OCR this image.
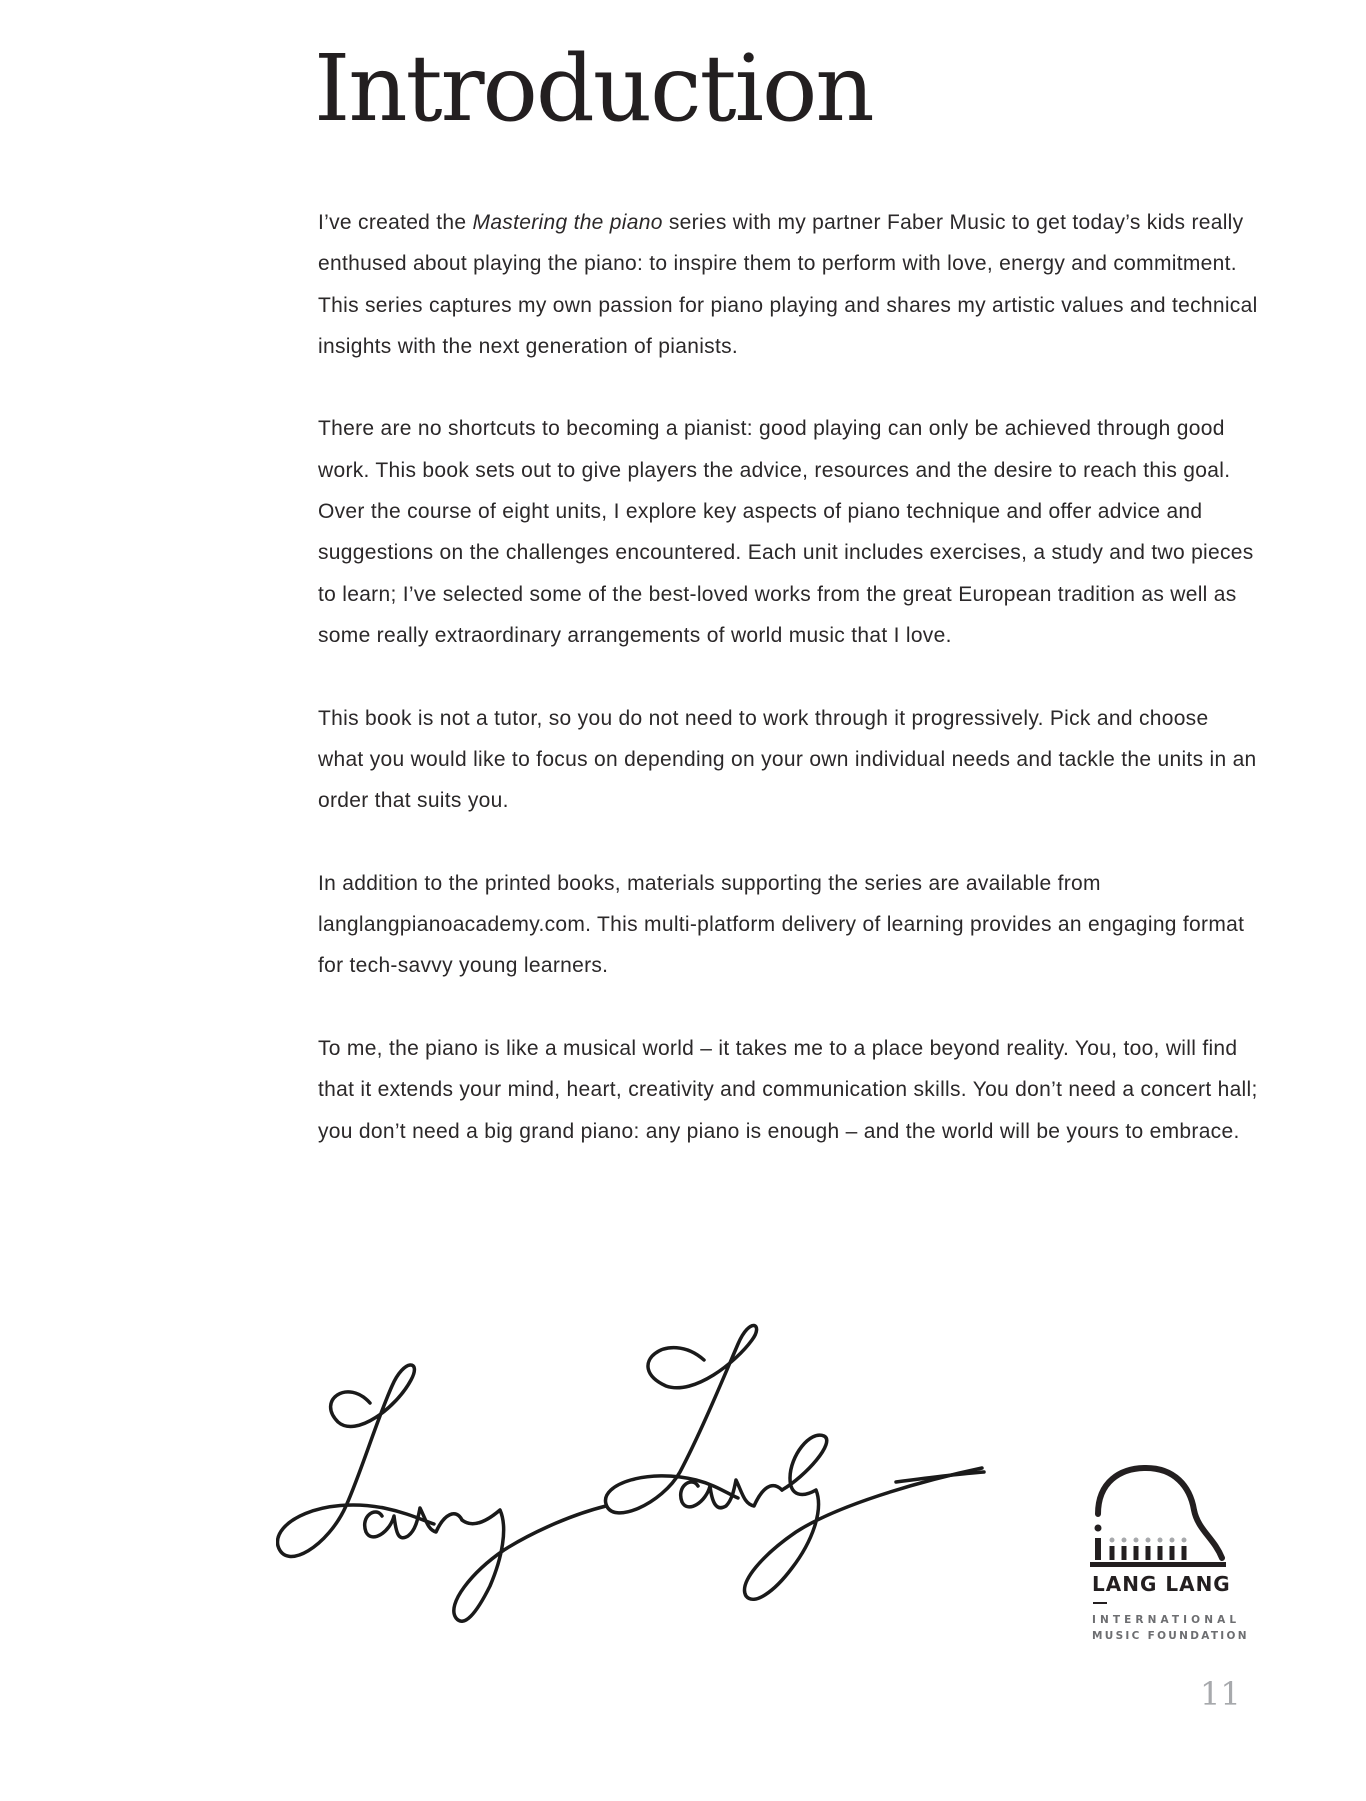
Introduction

I’ve created the Mastering the piano series with my partner Faber Music to get today’s kids really enthused about playing the piano: to inspire them to perform with love, energy and commitment. This series captures my own passion for piano playing and shares my artistic values and technical insights with the next generation of pianists.

There are no shortcuts to becoming a pianist: good playing can only be achieved through good work. This book sets out to give players the advice, resources and the desire to reach this goal. Over the course of eight units, I explore key aspects of piano technique and offer advice and suggestions on the challenges encountered. Each unit includes exercises, a study and two pieces to learn; I’ve selected some of the best-loved works from the great European tradition as well as some really extraordinary arrangements of world music that I love.

This book is not a tutor, so you do not need to work through it progressively. Pick and choose what you would like to focus on depending on your own individual needs and tackle the units in an order that suits you.

In addition to the printed books, materials supporting the series are available from langlangpianoacademy.com. This multi-platform delivery of learning provides an engaging format for tech-savvy young learners.

To me, the piano is like a musical world – it takes me to a place beyond reality. You, too, will find that it extends your mind, heart, creativity and communication skills. You don’t need a concert hall; you don’t need a big grand piano: any piano is enough – and the world will be yours to embrace.

LANG LANG
INTERNATIONAL
MUSIC FOUNDATION
11
